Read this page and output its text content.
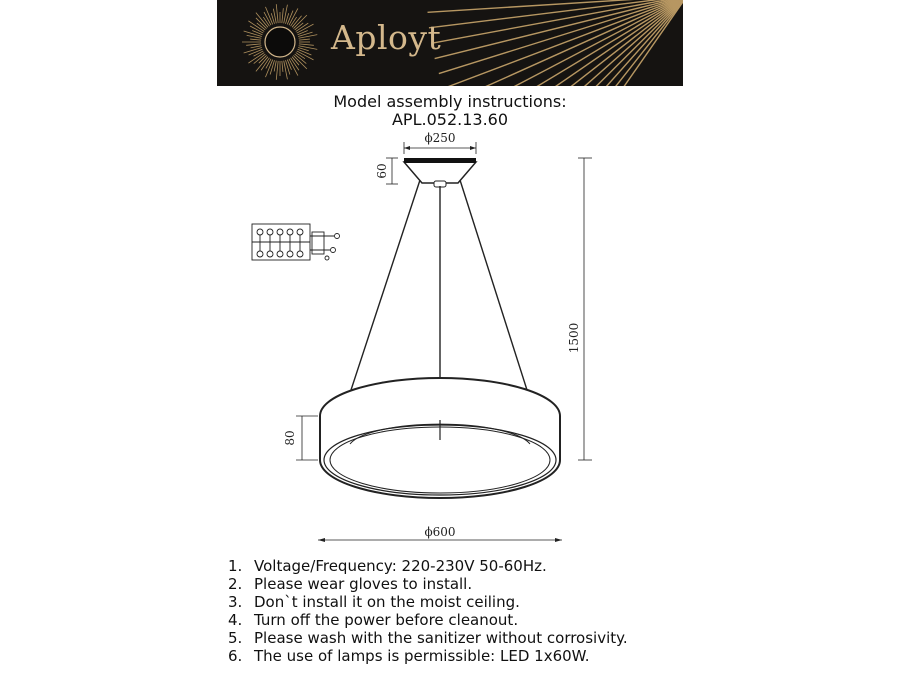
Aployt
Model assembly instructions:
APL.052.13.60
ϕ250
60
80
1500
ϕ600
1. Voltage/Frequency: 220-230V 50-60Hz.
2. Please wear gloves to install.
3. Don`t install it on the moist ceiling.
4. Turn off the power before cleanout.
5. Please wash with the sanitizer without corrosivity.
6. The use of lamps is permissible: LED 1x60W.
